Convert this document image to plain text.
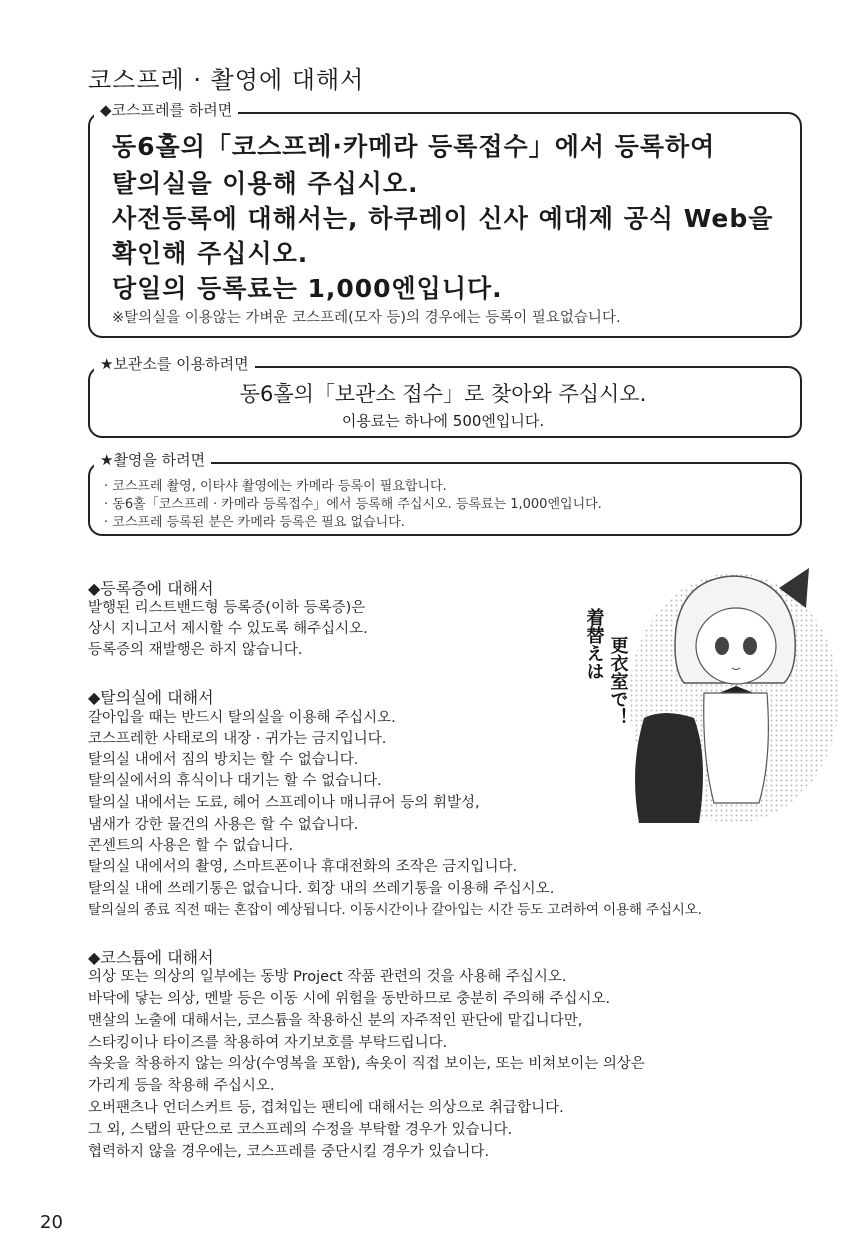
코스프레 · 촬영에 대해서
◆코스프레를 하려면
동6홀의「코스프레·카메라 등록접수」에서 등록하여
탈의실을 이용해 주십시오.
사전등록에 대해서는, 하쿠레이 신사 예대제 공식 Web을
확인해 주십시오.
당일의 등록료는 1,000엔입니다.
※탈의실을 이용않는 가벼운 코스프레(모자 등)의 경우에는 등록이 필요없습니다.
★보관소를 이용하려면
동6홀의「보관소 접수」로 찾아와 주십시오.
이용료는 하나에 500엔입니다.
★촬영을 하려면
· 코스프레 촬영, 이타샤 촬영에는 카메라 등록이 필요합니다.
· 동6홀「코스프레 · 카메라 등록접수」에서 등록해 주십시오. 등록료는 1,000엔입니다.
· 코스프레 등록된 분은 카메라 등록은 필요 없습니다.
◆등록증에 대해서
발행된 리스트밴드형 등록증(이하 등록증)은
상시 지니고서 제시할 수 있도록 해주십시오.
등록증의 재발행은 하지 않습니다.
◆탈의실에 대해서
갈아입을 때는 반드시 탈의실을 이용해 주십시오.
코스프레한 사태로의 내장 · 귀가는 금지입니다.
탈의실 내에서 짐의 방치는 할 수 없습니다.
탈의실에서의 휴식이나 대기는 할 수 없습니다.
탈의실 내에서는 도료, 헤어 스프레이나 매니큐어 등의 휘발성,
냄새가 강한 물건의 사용은 할 수 없습니다.
콘센트의 사용은 할 수 없습니다.
탈의실 내에서의 촬영, 스마트폰이나 휴대전화의 조작은 금지입니다.
탈의실 내에 쓰레기통은 없습니다. 회장 내의 쓰레기통을 이용해 주십시오.
탈의실의 종료 직전 때는 혼잡이 예상됩니다. 이동시간이나 갈아입는 시간 등도 고려하여 이용해 주십시오.
◆코스튬에 대해서
의상 또는 의상의 일부에는 동방 Project 작품 관련의 것을 사용해 주십시오.
바닥에 닿는 의상, 멘발 등은 이동 시에 위험을 동반하므로 충분히 주의해 주십시오.
맨살의 노출에 대해서는, 코스튬을 착용하신 분의 자주적인 판단에 맡깁니다만,
스타킹이나 타이즈를 착용하여 자기보호를 부탁드립니다.
속옷을 착용하지 않는 의상(수영복을 포함), 속옷이 직접 보이는, 또는 비쳐보이는 의상은
가리게 등을 착용해 주십시오.
오버팬츠나 언더스커트 등, 겹쳐입는 팬티에 대해서는 의상으로 취급합니다.
그 외, 스탭의 판단으로 코스프레의 수정을 부탁할 경우가 있습니다.
협력하지 않을 경우에는, 코스프레를 중단시킬 경우가 있습니다.
着替えは 更衣室で！
20
